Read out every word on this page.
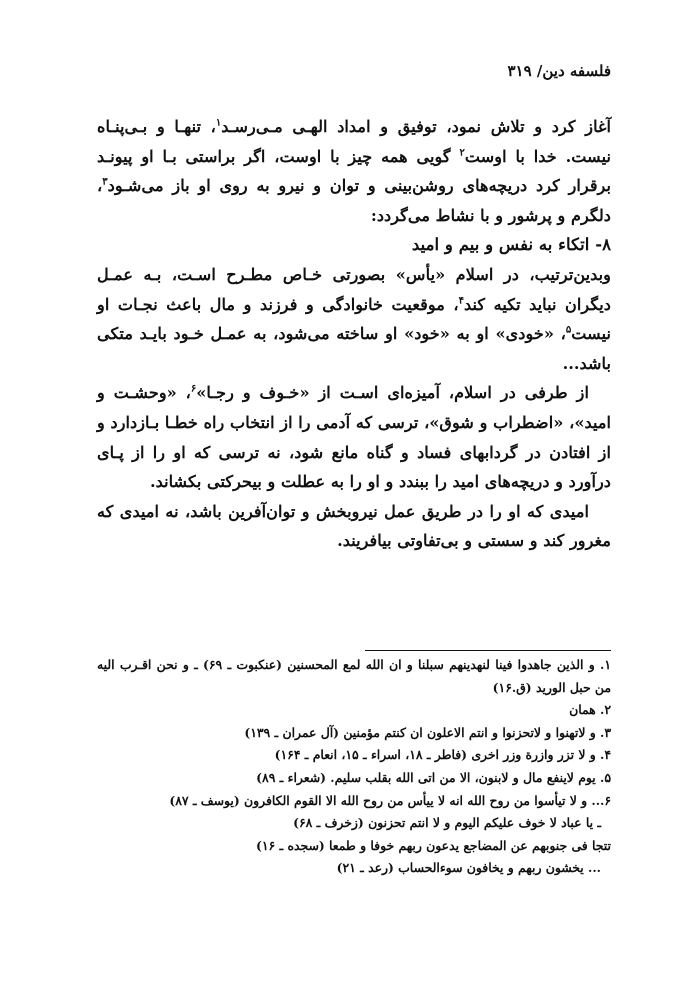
فلسفه دين/ ۳۱۹

آغاز کرد و تلاش نمود، توفيق و امداد الهـی مـی‌رسـد$^۱$، تنهـا و بـی‌پنـاه نیست. خدا با اوست$^۲$ گويی همه چيز با اوست، اگر براستی بـا او پيونـد برقرار کرد دريچه‌های روشن‌بينی و توان و نيرو به روی او باز می‌شـود$^۳$، دلگرم و پرشور و با نشاط می‌گردد:

۸- اتکاء به نفس و بيم و اميد

وبدين‌ترتيب، در اسلام «يأس» بصورتی خـاص مطـرح اسـت، بـه عمـل ديگران نبايد تکيه کند$^۴$، موقعيت خانوادگی و فرزند و مال باعث نجـات او نيست$^۵$، «خودی» او به «خود» او ساخته می‌شود، به عمـل خـود بايـد متکی باشد...

از طرفی در اسلام، آميزه‌ای اسـت از «خـوف و رجـا»$^۶$، «وحشـت و اميد»، «اضطراب و شوق»، ترسی که آدمی را از انتخاب راه خطـا بـازدارد و از افتادن در گردابهای فساد و گناه مانع شود، نه ترسی که او را از پـای درآورد و دريچه‌های اميد را ببندد و او را به عطلت و بيحرکتی بکشاند.

اميدی که او را در طريق عمل نيروبخش و توان‌آفرين باشد، نه اميدی که مغرور کند و سستی و بی‌تفاوتی بيافريند.

۱. و الذين جاهدوا فينا لنهدينهم سبلنا و ان الله لمع المحسنين (عنکبوت ـ ۶۹) ـ و نحن اقـرب اليه من حبل الوريد (ق.۱۶)

۲. همان

۳. و لاتهنوا و لاتحزنوا و انتم الاعلون ان کنتم مؤمنين (آل عمران ـ ۱۳۹)

۴. و لا تزر وازرة وزر اخری (فاطر ـ ۱۸، اسراء ـ ۱۵، انعام ـ ۱۶۴)

۵. يوم لاينفع مال و لابنون، الا من اتی الله بقلب سليم. (شعراء ـ ۸۹)

۶... و لا تيأسوا من روح الله انه لا ييأس من روح الله الا القوم الکافرون (يوسف ـ ۸۷)

ـ يا عباد لا خوف عليکم اليوم و لا انتم تحزنون (زخرف ـ ۶۸)

تتجا فی جنوبهم عن المضاجع يدعون ربهم خوفا و طمعا (سجده ـ ۱۶)

... يخشون ربهم و يخافون سوءالحساب (رعد ـ ۲۱)
